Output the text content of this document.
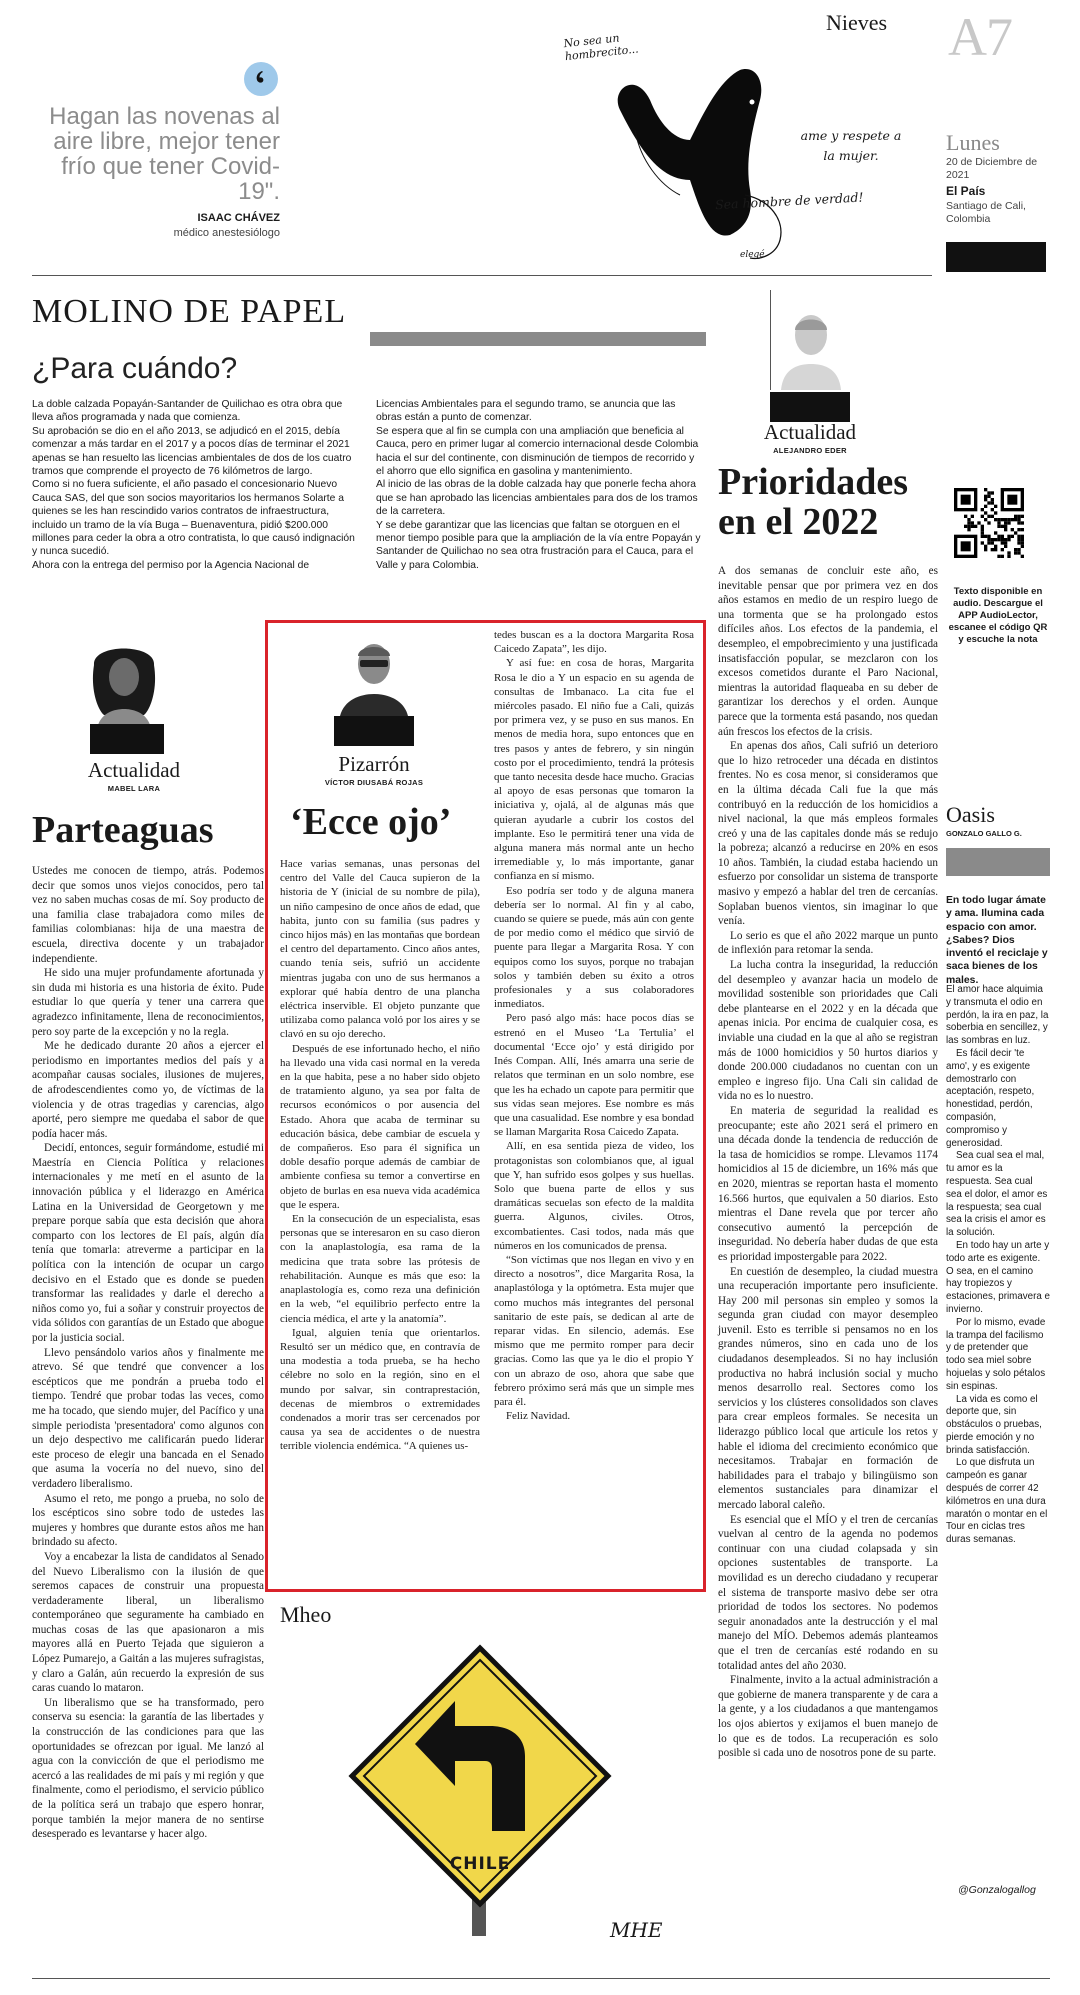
Nieves A7
Lunes
20 de Diciembre de 2021
El País
Santiago de Cali, Colombia
Hagan las novenas al aire libre, mejor tener frío que tener Covid-19".
ISAAC CHÁVEZ
médico anestesiólogo
No sea un hombrecito...
ame y respete a la mujer.
Sea hombre de verdad!
elegé
MOLINO DE PAPEL
¿Para cuándo?

La doble calzada Popayán-Santander de Quilichao es otra obra que lleva años programada y nada que comienza.

Su aprobación se dio en el año 2013, se adjudicó en el 2015, debía comenzar a más tardar en el 2017 y a pocos días de terminar el 2021 apenas se han resuelto las licencias ambientales de dos de los cuatro tramos que comprende el proyecto de 76 kilómetros de largo.

Como si no fuera suficiente, el año pasado el concesionario Nuevo Cauca SAS, del que son socios mayoritarios los hermanos Solarte a quienes se les han rescindido varios contratos de infraestructura, incluido un tramo de la vía Buga – Buenaventura, pidió $200.000 millones para ceder la obra a otro contratista, lo que causó indignación y nunca sucedió.

Ahora con la entrega del permiso por la Agencia Nacional de

Licencias Ambientales para el segundo tramo, se anuncia que las obras están a punto de comenzar.

Se espera que al fin se cumpla con una ampliación que beneficia al Cauca, pero en primer lugar al comercio internacional desde Colombia hacia el sur del continente, con disminución de tiempos de recorrido y el ahorro que ello significa en gasolina y mantenimiento.

Al inicio de las obras de la doble calzada hay que ponerle fecha ahora que se han aprobado las licencias ambientales para dos de los tramos de la carretera.

Y se debe garantizar que las licencias que faltan se otorguen en el menor tiempo posible para que la ampliación de la vía entre Popayán y Santander de Quilichao no sea otra frustración para el Cauca, para el Valle y para Colombia.

Actualidad
ALEJANDRO EDER
Prioridades en el 2022

A dos semanas de concluir este año, es inevitable pensar que por primera vez en dos años estamos en medio de un respiro luego de una tormenta que se ha prolongado estos difíciles años. Los efectos de la pandemia, el desempleo, el empobrecimiento y una justificada insatisfacción popular, se mezclaron con los excesos cometidos durante el Paro Nacional, mientras la autoridad flaqueaba en su deber de garantizar los derechos y el orden. Aunque parece que la tormenta está pasando, nos quedan aún frescos los efectos de la crisis.

En apenas dos años, Cali sufrió un deterioro que lo hizo retroceder una década en distintos frentes. No es cosa menor, si consideramos que en la última década Cali fue la que más contribuyó en la reducción de los homicidios a nivel nacional, la que más empleos formales creó y una de las capitales donde más se redujo la pobreza; alcanzó a reducirse en 20% en esos 10 años. También, la ciudad estaba haciendo un esfuerzo por consolidar un sistema de transporte masivo y empezó a hablar del tren de cercanías. Soplaban buenos vientos, sin imaginar lo que venía.

Lo serio es que el año 2022 marque un punto de inflexión para retomar la senda.

La lucha contra la inseguridad, la reducción del desempleo y avanzar hacia un modelo de movilidad sostenible son prioridades que Cali debe plantearse en el 2022 y en la década que apenas inicia. Por encima de cualquier cosa, es inviable una ciudad en la que al año se registran más de 1000 homicidios y 50 hurtos diarios y donde 200.000 ciudadanos no cuentan con un empleo e ingreso fijo. Una Cali sin calidad de vida no es lo nuestro.

En materia de seguridad la realidad es preocupante; este año 2021 será el primero en una década donde la tendencia de reducción de la tasa de homicidios se rompe. Llevamos 1174 homicidios al 15 de diciembre, un 16% más que en 2020, mientras se reportan hasta el momento 16.566 hurtos, que equivalen a 50 diarios. Esto mientras el Dane revela que por tercer año consecutivo aumentó la percepción de inseguridad. No debería haber dudas de que esta es prioridad impostergable para 2022.

En cuestión de desempleo, la ciudad muestra una recuperación importante pero insuficiente. Hay 200 mil personas sin empleo y somos la segunda gran ciudad con mayor desempleo juvenil. Esto es terrible si pensamos no en los grandes números, sino en cada uno de los ciudadanos desempleados. Si no hay inclusión productiva no habrá inclusión social y mucho menos desarrollo real. Sectores como los servicios y los clústeres consolidados son claves para crear empleos formales. Se necesita un liderazgo público local que articule los retos y hable el idioma del crecimiento económico que necesitamos. Trabajar en formación de habilidades para el trabajo y bilingüismo son elementos sustanciales para dinamizar el mercado laboral caleño.

Es esencial que el MÍO y el tren de cercanías vuelvan al centro de la agenda no podemos continuar con una ciudad colapsada y sin opciones sustentables de transporte. La movilidad es un derecho ciudadano y recuperar el sistema de transporte masivo debe ser otra prioridad de todos los sectores. No podemos seguir anonadados ante la destrucción y el mal manejo del MÍO. Debemos además planteamos que el tren de cercanías esté rodando en su totalidad antes del año 2030.

Finalmente, invito a la actual administración a que gobierne de manera transparente y de cara a la gente, y a los ciudadanos a que mantengamos los ojos abiertos y exijamos el buen manejo de lo que es de todos. La recuperación es solo posible si cada uno de nosotros pone de su parte.

Texto disponible en audio. Descargue el APP AudioLector, escanee el código QR y escuche la nota
Actualidad
MABEL LARA
Parteaguas

Ustedes me conocen de tiempo, atrás. Podemos decir que somos unos viejos conocidos, pero tal vez no saben muchas cosas de mí. Soy producto de una familia clase trabajadora como miles de familias colombianas: hija de una maestra de escuela, directiva docente y un trabajador independiente.

He sido una mujer profundamente afortunada y sin duda mi historia es una historia de éxito. Pude estudiar lo que quería y tener una carrera que agradezco infinitamente, llena de reconocimientos, pero soy parte de la excepción y no la regla.

Me he dedicado durante 20 años a ejercer el periodismo en importantes medios del país y a acompañar causas sociales, ilusiones de mujeres, de afrodescendientes como yo, de víctimas de la violencia y de otras tragedias y carencias, algo aporté, pero siempre me quedaba el sabor de que podía hacer más.

Decidí, entonces, seguir formándome, estudié mi Maestría en Ciencia Política y relaciones internacionales y me metí en el asunto de la innovación pública y el liderazgo en América Latina en la Universidad de Georgetown y me prepare porque sabía que esta decisión que ahora comparto con los lectores de El país, algún día tenía que tomarla: atreverme a participar en la política con la intención de ocupar un cargo decisivo en el Estado que es donde se pueden transformar las realidades y darle el derecho a niños como yo, fui a soñar y construir proyectos de vida sólidos con garantías de un Estado que abogue por la justicia social.

Llevo pensándolo varios años y finalmente me atrevo. Sé que tendré que convencer a los escépticos que me pondrán a prueba todo el tiempo. Tendré que probar todas las veces, como me ha tocado, que siendo mujer, del Pacífico y una simple periodista 'presentadora' como algunos con un dejo despectivo me calificarán puedo liderar este proceso de elegir una bancada en el Senado que asuma la vocería no del nuevo, sino del verdadero liberalismo.

Asumo el reto, me pongo a prueba, no solo de los escépticos sino sobre todo de ustedes las mujeres y hombres que durante estos años me han brindado su afecto.

Voy a encabezar la lista de candidatos al Senado del Nuevo Liberalismo con la ilusión de que seremos capaces de construir una propuesta verdaderamente liberal, un liberalismo contemporáneo que seguramente ha cambiado en muchas cosas de las que apasionaron a mis mayores allá en Puerto Tejada que siguieron a López Pumarejo, a Gaitán a las mujeres sufragistas, y claro a Galán, aún recuerdo la expresión de sus caras cuando lo mataron.

Un liberalismo que se ha transformado, pero conserva su esencia: la garantía de las libertades y la construcción de las condiciones para que las oportunidades se ofrezcan por igual. Me lanzó al agua con la convicción de que el periodismo me acercó a las realidades de mi país y mi región y que finalmente, como el periodismo, el servicio público de la política será un trabajo que espero honrar, porque también la mejor manera de no sentirse desesperado es levantarse y hacer algo.

Pizarrón
VÍCTOR DIUSABÁ ROJAS
‘Ecce ojo’

Hace varias semanas, unas personas del centro del Valle del Cauca supieron de la historia de Y (inicial de su nombre de pila), un niño campesino de once años de edad, que habita, junto con su familia (sus padres y cinco hijos más) en las montañas que bordean el centro del departamento. Cinco años antes, cuando tenía seis, sufrió un accidente mientras jugaba con uno de sus hermanos a explorar qué había dentro de una plancha eléctrica inservible. El objeto punzante que utilizaba como palanca voló por los aires y se clavó en su ojo derecho.

Después de ese infortunado hecho, el niño ha llevado una vida casi normal en la vereda en la que habita, pese a no haber sido objeto de tratamiento alguno, ya sea por falta de recursos económicos o por ausencia del Estado. Ahora que acaba de terminar su educación básica, debe cambiar de escuela y de compañeros. Eso para él significa un doble desafío porque además de cambiar de ambiente confiesa su temor a convertirse en objeto de burlas en esa nueva vida académica que le espera.

En la consecución de un especialista, esas personas que se interesaron en su caso dieron con la anaplastología, esa rama de la medicina que trata sobre las prótesis de rehabilitación. Aunque es más que eso: la anaplastología es, como reza una definición en la web, “el equilibrio perfecto entre la ciencia médica, el arte y la anatomía”.

Igual, alguien tenía que orientarlos. Resultó ser un médico que, en contravía de una modestia a toda prueba, se ha hecho célebre no solo en la región, sino en el mundo por salvar, sin contraprestación, decenas de miembros o extremidades condenados a morir tras ser cercenados por causa ya sea de accidentes o de nuestra terrible violencia endémica. “A quienes us-

tedes buscan es a la doctora Margarita Rosa Caicedo Zapata”, les dijo.

Y así fue: en cosa de horas, Margarita Rosa le dio a Y un espacio en su agenda de consultas de Imbanaco. La cita fue el miércoles pasado. El niño fue a Cali, quizás por primera vez, y se puso en sus manos. En menos de media hora, supo entonces que en tres pasos y antes de febrero, y sin ningún costo por el procedimiento, tendrá la prótesis que tanto necesita desde hace mucho. Gracias al apoyo de esas personas que tomaron la iniciativa y, ojalá, al de algunas más que quieran ayudarle a cubrir los costos del implante. Eso le permitirá tener una vida de alguna manera más normal ante un hecho irremediable y, lo más importante, ganar confianza en sí mismo.

Eso podría ser todo y de alguna manera debería ser lo normal. Al fin y al cabo, cuando se quiere se puede, más aún con gente de por medio como el médico que sirvió de puente para llegar a Margarita Rosa. Y con equipos como los suyos, porque no trabajan solos y también deben su éxito a otros profesionales y a sus colaboradores inmediatos.

Pero pasó algo más: hace pocos días se estrenó en el Museo ‘La Tertulia’ el documental ‘Ecce ojo’ y está dirigido por Inés Compan. Allí, Inés amarra una serie de relatos que terminan en un solo nombre, ese que les ha echado un capote para permitir que sus vidas sean mejores. Ese nombre es más que una casualidad. Ese nombre y esa bondad se llaman Margarita Rosa Caicedo Zapata.

Allí, en esa sentida pieza de video, los protagonistas son colombianos que, al igual que Y, han sufrido esos golpes y sus huellas. Solo que buena parte de ellos y sus dramáticas secuelas son efecto de la maldita guerra. Algunos, civiles. Otros, excombatientes. Casi todos, nada más que números en los comunicados de prensa.

“Son víctimas que nos llegan en vivo y en directo a nosotros”, dice Margarita Rosa, la anaplastóloga y la optómetra. Esta mujer que como muchos más integrantes del personal sanitario de este país, se dedican al arte de reparar vidas. En silencio, además. Ese mismo que me permito romper para decir gracias. Como las que ya le dio el propio Y con un abrazo de oso, ahora que sabe que febrero próximo será más que un simple mes para él.

Feliz Navidad.

Mheo
CHILE
MHE
Oasis
GONZALO GALLO G.
En todo lugar ámate y ama. Ilumina cada espacio con amor. ¿Sabes? Dios inventó el reciclaje y saca bienes de los males.

El amor hace alquimia y transmuta el odio en perdón, la ira en paz, la soberbia en sencillez, y las sombras en luz.

Es fácil decir 'te amo', y es exigente demostrarlo con aceptación, respeto, honestidad, perdón, compasión, compromiso y generosidad.

Sea cual sea el mal, tu amor es la respuesta. Sea cual sea el dolor, el amor es la respuesta; sea cual sea la crisis el amor es la solución.

En todo hay un arte y todo arte es exigente. O sea, en el camino hay tropiezos y estaciones, primavera e invierno.

Por lo mismo, evade la trampa del facilismo y de pretender que todo sea miel sobre hojuelas y solo pétalos sin espinas.

La vida es como el deporte que, sin obstáculos o pruebas, pierde emoción y no brinda satisfacción.

Lo que disfruta un campeón es ganar después de correr 42 kilómetros en una dura maratón o montar en el Tour en ciclas tres duras semanas.

@Gonzalogallog
